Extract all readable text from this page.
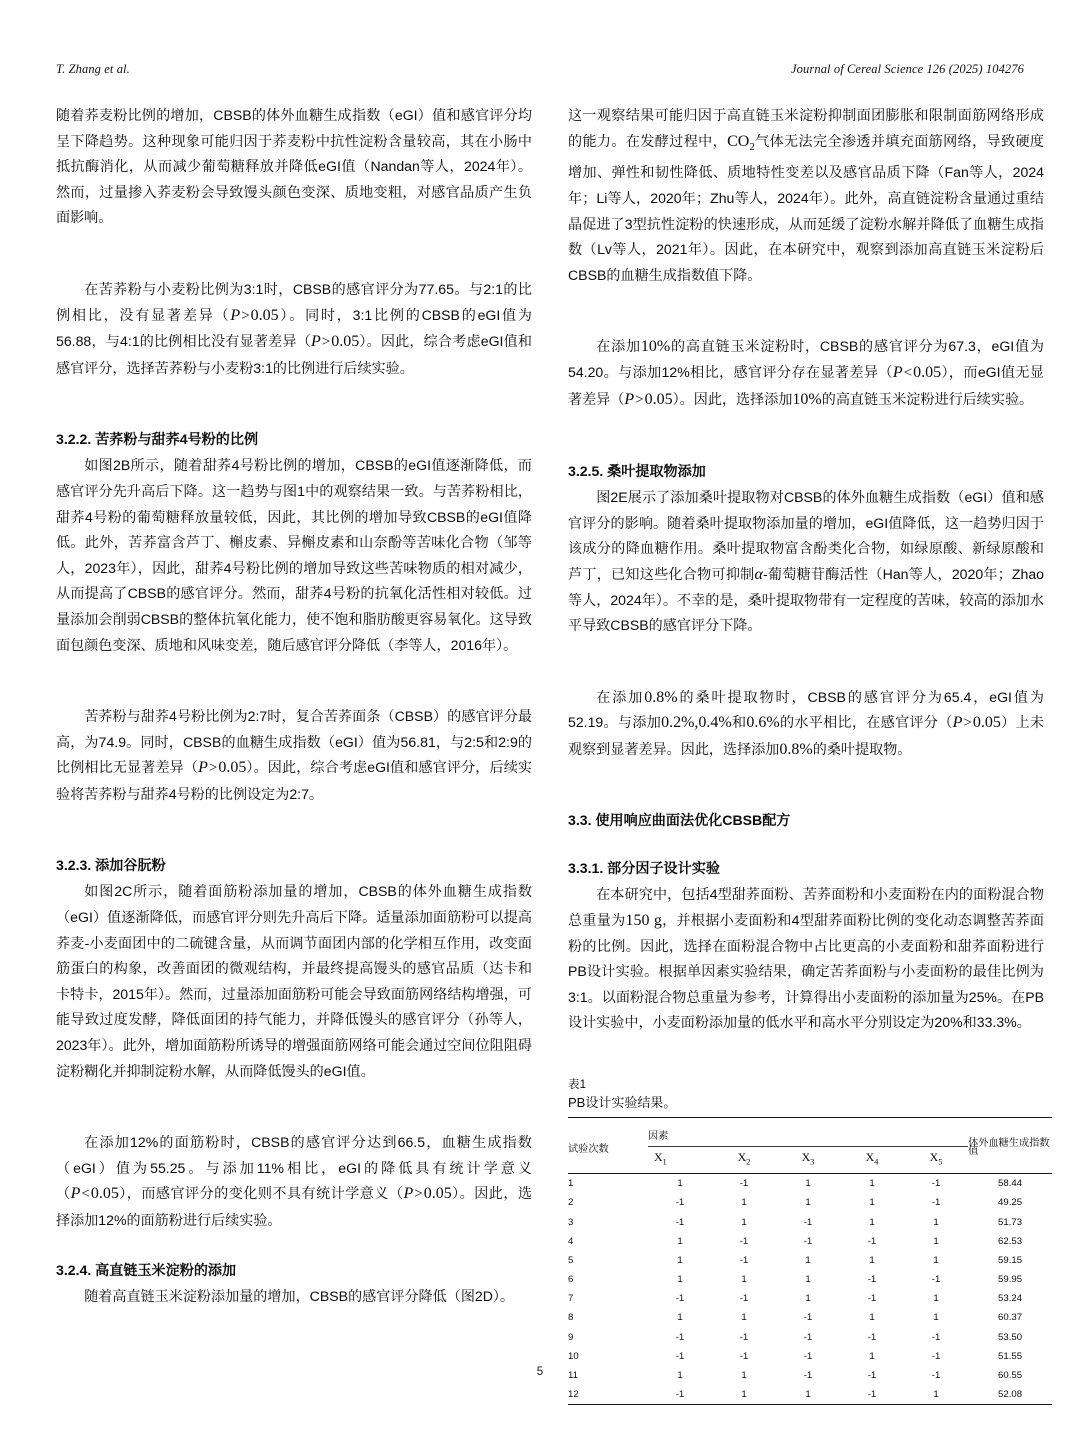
T. Zhang et al.	Journal of Cereal Science 126 (2025) 104276

随着荞麦粉比例的增加，CBSB的体外血糖生成指数（eGI）值和感官评分均呈下降趋势。这种现象可能归因于荞麦粉中抗性淀粉含量较高，其在小肠中抵抗酶消化，从而减少葡萄糖释放并降低eGI值（Nandan等人，2024年）。然而，过量掺入荞麦粉会导致馒头颜色变深、质地变粗，对感官品质产生负面影响。

在苦荞粉与小麦粉比例为3:1时，CBSB的感官评分为77.65。与2:1的比例相比，没有显著差异（P>0.05）。同时，3:1比例的CBSB的eGI值为56.88，与4:1的比例相比没有显著差异（P>0.05）。因此，综合考虑eGI值和感官评分，选择苦荞粉与小麦粉3:1的比例进行后续实验。

3.2.2. 苦荞粉与甜荞4号粉的比例

如图2B所示，随着甜荞4号粉比例的增加，CBSB的eGI值逐渐降低，而感官评分先升高后下降。这一趋势与图1中的观察结果一致。与苦荞粉相比，甜荞4号粉的葡萄糖释放量较低，因此，其比例的增加导致CBSB的eGI值降低。此外，苦荞富含芦丁、槲皮素、异槲皮素和山奈酚等苦味化合物（邹等人，2023年），因此，甜荞4号粉比例的增加导致这些苦味物质的相对减少，从而提高了CBSB的感官评分。然而，甜荞4号粉的抗氧化活性相对较低。过量添加会削弱CBSB的整体抗氧化能力，使不饱和脂肪酸更容易氧化。这导致面包颜色变深、质地和风味变差，随后感官评分降低（李等人，2016年）。

苦荞粉与甜荞4号粉比例为2:7时，复合苦荞面条（CBSB）的感官评分最高，为74.9。同时，CBSB的血糖生成指数（eGI）值为56.81，与2:5和2:9的比例相比无显著差异（P>0.05）。因此，综合考虑eGI值和感官评分，后续实验将苦荞粉与甜荞4号粉的比例设定为2:7。

3.2.3. 添加谷朊粉

如图2C所示，随着面筋粉添加量的增加，CBSB的体外血糖生成指数（eGI）值逐渐降低，而感官评分则先升高后下降。适量添加面筋粉可以提高荞麦-小麦面团中的二硫键含量，从而调节面团内部的化学相互作用，改变面筋蛋白的构象，改善面团的微观结构，并最终提高馒头的感官品质（达卡和卡特卡，2015年）。然而，过量添加面筋粉可能会导致面筋网络结构增强，可能导致过度发酵，降低面团的持气能力，并降低馒头的感官评分（孙等人，2023年）。此外，增加面筋粉所诱导的增强面筋网络可能会通过空间位阻阻碍淀粉糊化并抑制淀粉水解，从而降低馒头的eGI值。

在添加12%的面筋粉时，CBSB的感官评分达到66.5，血糖生成指数（eGI）值为55.25。与添加11%相比，eGI的降低具有统计学意义（P<0.05），而感官评分的变化则不具有统计学意义（P>0.05）。因此，选择添加12%的面筋粉进行后续实验。

3.2.4. 高直链玉米淀粉的添加

随着高直链玉米淀粉添加量的增加，CBSB的感官评分降低（图2D）。

这一观察结果可能归因于高直链玉米淀粉抑制面团膨胀和限制面筋网络形成的能力。在发酵过程中，$CO_2$气体无法完全渗透并填充面筋网络，导致硬度增加、弹性和韧性降低、质地特性变差以及感官品质下降（Fan等人，2024年；Li等人，2020年；Zhu等人，2024年）。此外，高直链淀粉含量通过重结晶促进了3型抗性淀粉的快速形成，从而延缓了淀粉水解并降低了血糖生成指数（Lv等人，2021年）。因此，在本研究中，观察到添加高直链玉米淀粉后CBSB的血糖生成指数值下降。

在添加10%的高直链玉米淀粉时，CBSB的感官评分为67.3，eGI值为54.20。与添加12%相比，感官评分存在显著差异（P<0.05），而eGI值无显著差异（P>0.05）。因此，选择添加10%的高直链玉米淀粉进行后续实验。

3.2.5. 桑叶提取物添加

图2E展示了添加桑叶提取物对CBSB的体外血糖生成指数（eGI）值和感官评分的影响。随着桑叶提取物添加量的增加，eGI值降低，这一趋势归因于该成分的降血糖作用。桑叶提取物富含酚类化合物，如绿原酸、新绿原酸和芦丁，已知这些化合物可抑制α-葡萄糖苷酶活性（Han等人，2020年；Zhao等人，2024年）。不幸的是，桑叶提取物带有一定程度的苦味，较高的添加水平导致CBSB的感官评分下降。

在添加0.8%的桑叶提取物时，CBSB的感官评分为65.4，eGI值为52.19。与添加0.2%,0.4%和0.6%的水平相比，在感官评分（P>0.05）上未观察到显著差异。因此，选择添加0.8%的桑叶提取物。

3.3. 使用响应曲面法优化CBSB配方
3.3.1. 部分因子设计实验

在本研究中，包括4型甜荞面粉、苦荞面粉和小麦面粉在内的面粉混合物总重量为150 g，并根据小麦面粉和4型甜荞面粉比例的变化动态调整苦荞面粉的比例。因此，选择在面粉混合物中占比更高的小麦面粉和甜荞面粉进行PB设计实验。根据单因素实验结果，确定苦荞面粉与小麦面粉的最佳比例为3:1。以面粉混合物总重量为参考，计算得出小麦面粉的添加量为25%。在PB设计实验中，小麦面粉添加量的低水平和高水平分别设定为20%和33.3%。

表1

PB设计实验结果。

试验次数	因素					体外血糖生成指数值
	$X_1$	$X_2$	$X_3$	$X_4$	$X_5$
1	1	-1	1	1	-1	58.44
2	-1	1	1	1	-1	49.25
3	-1	1	-1	1	1	51.73
4	1	-1	-1	-1	1	62.53
5	1	-1	1	1	1	59.15
6	1	1	1	-1	-1	59.95
7	-1	-1	1	-1	1	53.24
8	1	1	-1	1	1	60.37
9	-1	-1	-1	-1	-1	53.50
10	-1	-1	-1	1	-1	51.55
11	1	1	-1	-1	-1	60.55
12	-1	1	1	-1	1	52.08
5
